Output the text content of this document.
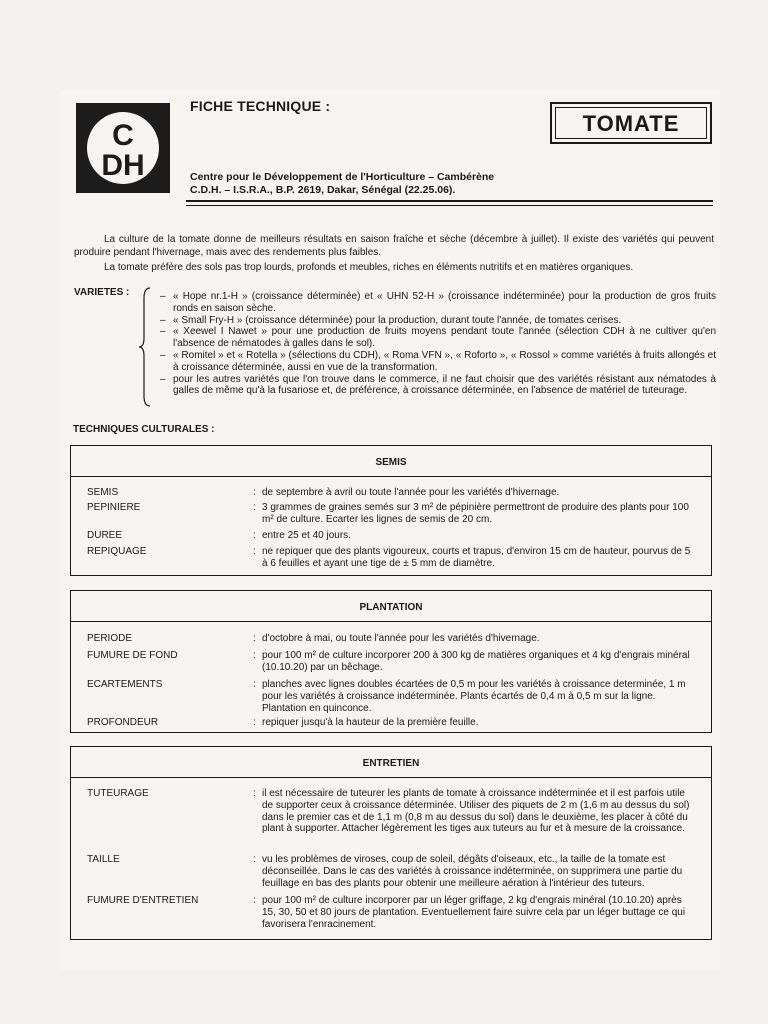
C
DH
FICHE TECHNIQUE :
TOMATE
Centre pour le Développement de l'Horticulture – Cambérène
C.D.H. – I.S.R.A., B.P. 2619, Dakar, Sénégal (22.25.06).

La culture de la tomate donne de meilleurs résultats en saison fraîche et sèche (décembre à juillet). Il existe des variétés qui peuvent produire pendant l'hivernage, mais avec des rendements plus faibles.

La tomate préfère des sols pas trop lourds, profonds et meubles, riches en éléments nutritifs et en matières organiques.

VARIETES :
–	« Hope nr.1-H » (croissance déterminée) et « UHN 52-H » (croissance indéterminée) pour la production de gros fruits ronds en saison sèche.
– « Small Fry-H » (croissance déterminée) pour la production, durant toute l'année, de tomates cerises.
– « Xeewel I Nawet » pour une production de fruits moyens pendant toute l'année (sélection CDH à ne cultiver qu'en l'absence de nématodes à galles dans le sol).
– « Romitel » et « Rotella » (sélections du CDH), « Roma VFN », « Roforto », « Rossol » comme variétés à fruits allongés et à croissance déterminée, aussi en vue de la transformation.
– pour les autres variétés que l'on trouve dans le commerce, il ne faut choisir que des variétés résistant aux nématodes à galles de même qu'à la fusariose et, de préférence, à croissance déterminée, en l'absence de matériel de tuteurage.
TECHNIQUES CULTURALES :
SEMIS
SEMIS	: de septembre à avril ou toute l'année pour les variétés d'hivernage.
PEPINIERE	: 3 grammes de graines semés sur 3 m² de pépinière permettront de produire des plants pour 100 m² de culture. Ecarter les lignes de semis de 20 cm.
DUREE	: entre 25 et 40 jours.
REPIQUAGE	: ne repiquer que des plants vigoureux, courts et trapus, d'environ 15 cm de hauteur, pourvus de 5 à 6 feuilles et ayant une tige de ± 5 mm de diamètre.
PLANTATION
PERIODE	: d'octobre à mai, ou toute l'année pour les variétés d'hivernage.
FUMURE DE FOND	: pour 100 m² de culture incorporer 200 à 300 kg de matières organiques et 4 kg d'engrais minéral (10.10.20) par un bêchage.
ECARTEMENTS	: planches avec lignes doubles écartées de 0,5 m pour les variétés à croissance determinée, 1 m pour les variétés à croissance indéterminée. Plants écartés de 0,4 m à 0,5 m sur la ligne. Plantation en quinconce.
PROFONDEUR	: repiquer jusqu'à la hauteur de la première feuille.
ENTRETIEN
TUTEURAGE	: il est nécessaire de tuteurer les plants de tomate à croissance indéterminée et il est parfois utile de supporter ceux à croissance déterminée. Utiliser des piquets de 2 m (1,6 m au dessus du sol) dans le premier cas et de 1,1 m (0,8 m au dessus du sol) dans le deuxième, les placer à côté du plant à supporter. Attacher légèrement les tiges aux tuteurs au fur et à mesure de la croissance.
TAILLE	: vu les problèmes de viroses, coup de soleil, dégâts d'oiseaux, etc., la taille de la tomate est déconseillée. Dans le cas des variétés à croissance indéterminée, on supprimera une partie du feuillage en bas des plants pour obtenir une meilleure aération à l'intérieur des tuteurs.
FUMURE D'ENTRETIEN	: pour 100 m² de culture incorporer par un léger griffage, 2 kg d'engrais minéral (10.10.20) après 15, 30, 50 et 80 jours de plantation. Eventuellement faire suivre cela par un léger buttage ce qui favorisera l'enracinement.
